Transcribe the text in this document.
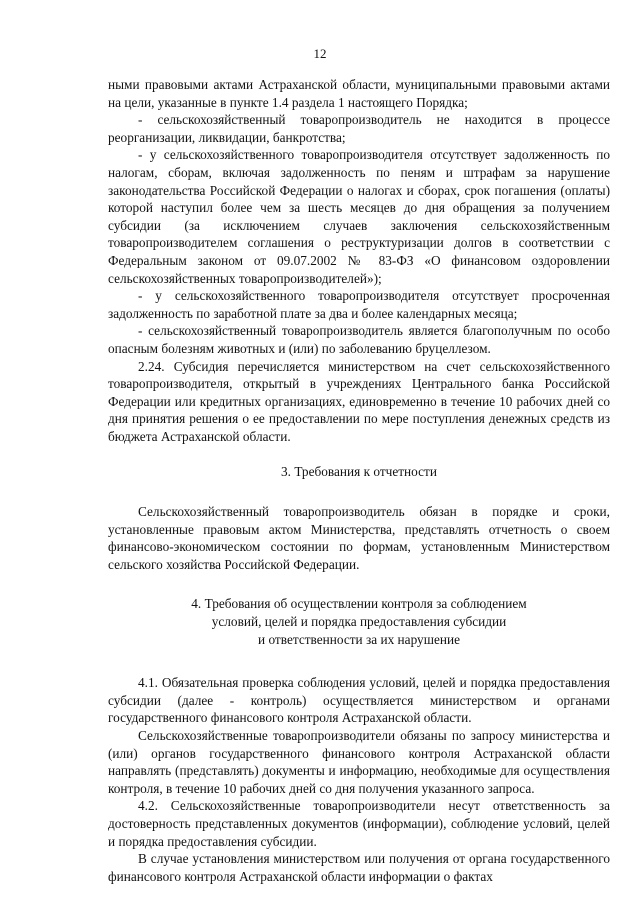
12

ными правовыми актами Астраханской области, муниципальными правовыми актами на цели, указанные в пункте 1.4 раздела 1 настоящего Порядка;

- сельскохозяйственный товаропроизводитель не находится в процессе реорганизации, ликвидации, банкротства;

- у сельскохозяйственного товаропроизводителя отсутствует задолженность по налогам, сборам, включая задолженность по пеням и штрафам за нарушение законодательства Российской Федерации о налогах и сборах, срок погашения (оплаты) которой наступил более чем за шесть месяцев до дня обращения за получением субсидии (за исключением случаев заключения сельскохозяйственным товаропроизводителем соглашения о реструктуризации долгов в соответствии с Федеральным законом от 09.07.2002 № 83-ФЗ «О финансовом оздоровлении сельскохозяйственных товаропроизводителей»);

- у сельскохозяйственного товаропроизводителя отсутствует просроченная задолженность по заработной плате за два и более календарных месяца;

- сельскохозяйственный товаропроизводитель является благополучным по особо опасным болезням животных и (или) по заболеванию бруцеллезом.

2.24. Субсидия перечисляется министерством на счет сельскохозяйственного товаропроизводителя, открытый в учреждениях Центрального банка Российской Федерации или кредитных организациях, единовременно в течение 10 рабочих дней со дня принятия решения о ее предоставлении по мере поступления денежных средств из бюджета Астраханской области.

3. Требования к отчетности

Сельскохозяйственный товаропроизводитель обязан в порядке и сроки, установленные правовым актом Министерства, представлять отчетность о своем финансово-экономическом состоянии по формам, установленным Министерством сельского хозяйства Российской Федерации.

4. Требования об осуществлении контроля за соблюдением
условий, целей и порядка предоставления субсидии
и ответственности за их нарушение

4.1. Обязательная проверка соблюдения условий, целей и порядка предоставления субсидии (далее - контроль) осуществляется министерством и органами государственного финансового контроля Астраханской области.

Сельскохозяйственные товаропроизводители обязаны по запросу министерства и (или) органов государственного финансового контроля Астраханской области направлять (представлять) документы и информацию, необходимые для осуществления контроля, в течение 10 рабочих дней со дня получения указанного запроса.

4.2. Сельскохозяйственные товаропроизводители несут ответственность за достоверность представленных документов (информации), соблюдение условий, целей и порядка предоставления субсидии.

В случае установления министерством или получения от органа государственного финансового контроля Астраханской области информации о фактах
